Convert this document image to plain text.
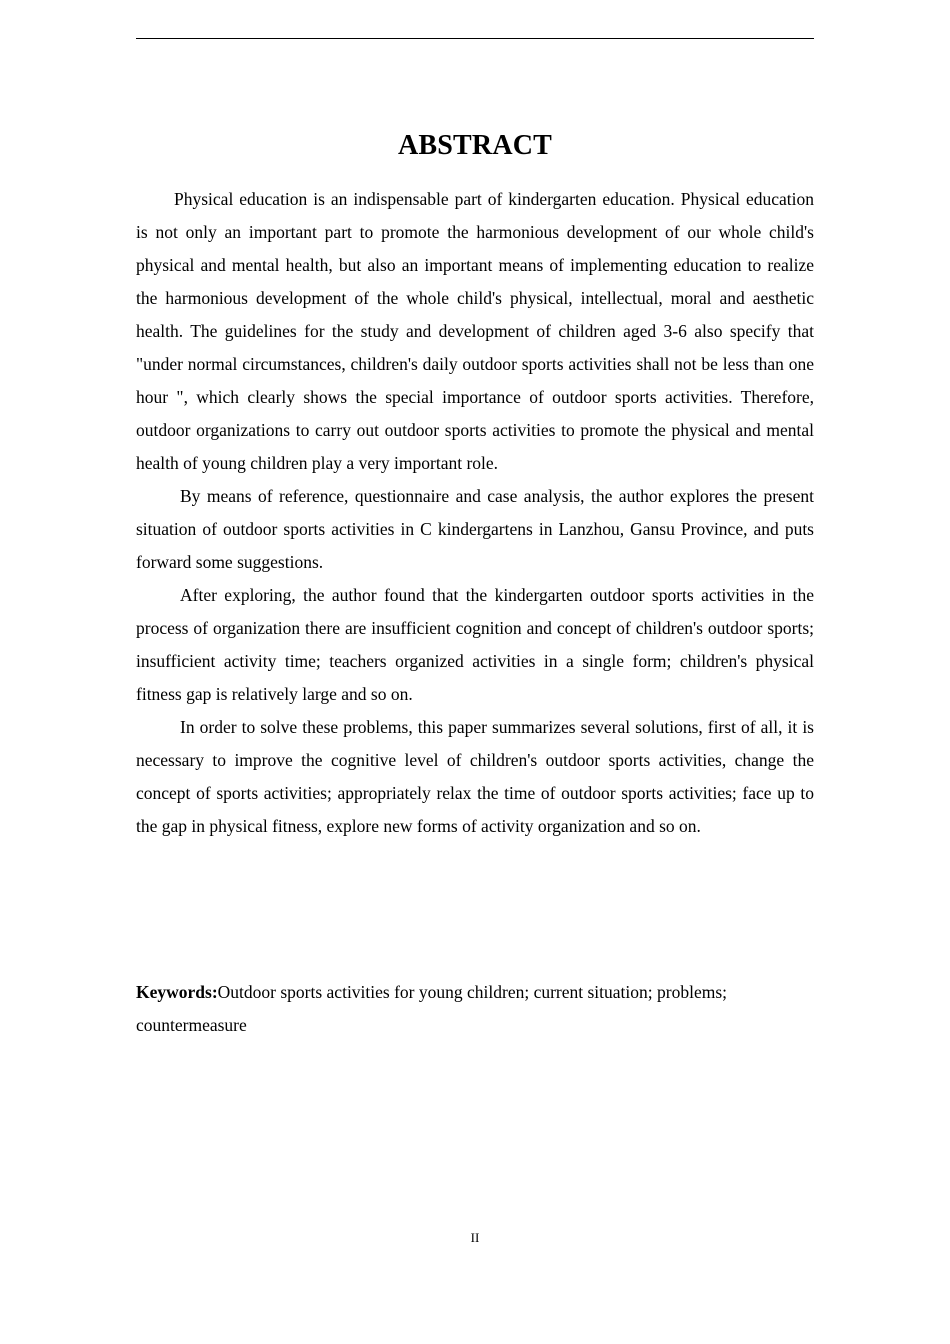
ABSTRACT

Physical education is an indispensable part of kindergarten education. Physical education is not only an important part to promote the harmonious development of our whole child's physical and mental health, but also an important means of implementing education to realize the harmonious development of the whole child's physical, intellectual, moral and aesthetic health. The guidelines for the study and development of children aged 3-6 also specify that "under normal circumstances, children's daily outdoor sports activities shall not be less than one hour ", which clearly shows the special importance of outdoor sports activities. Therefore, outdoor organizations to carry out outdoor sports activities to promote the physical and mental health of young children play a very important role.

By means of reference, questionnaire and case analysis, the author explores the present situation of outdoor sports activities in C kindergartens in Lanzhou, Gansu Province, and puts forward some suggestions.

After exploring, the author found that the kindergarten outdoor sports activities in the process of organization there are insufficient cognition and concept of children's outdoor sports; insufficient activity time; teachers organized activities in a single form; children's physical fitness gap is relatively large and so on.

In order to solve these problems, this paper summarizes several solutions, first of all, it is necessary to improve the cognitive level of children's outdoor sports activities, change the concept of sports activities; appropriately relax the time of outdoor sports activities; face up to the gap in physical fitness, explore new forms of activity organization and so on.

Keywords:Outdoor sports activities for young children; current situation; problems; countermeasure

II
